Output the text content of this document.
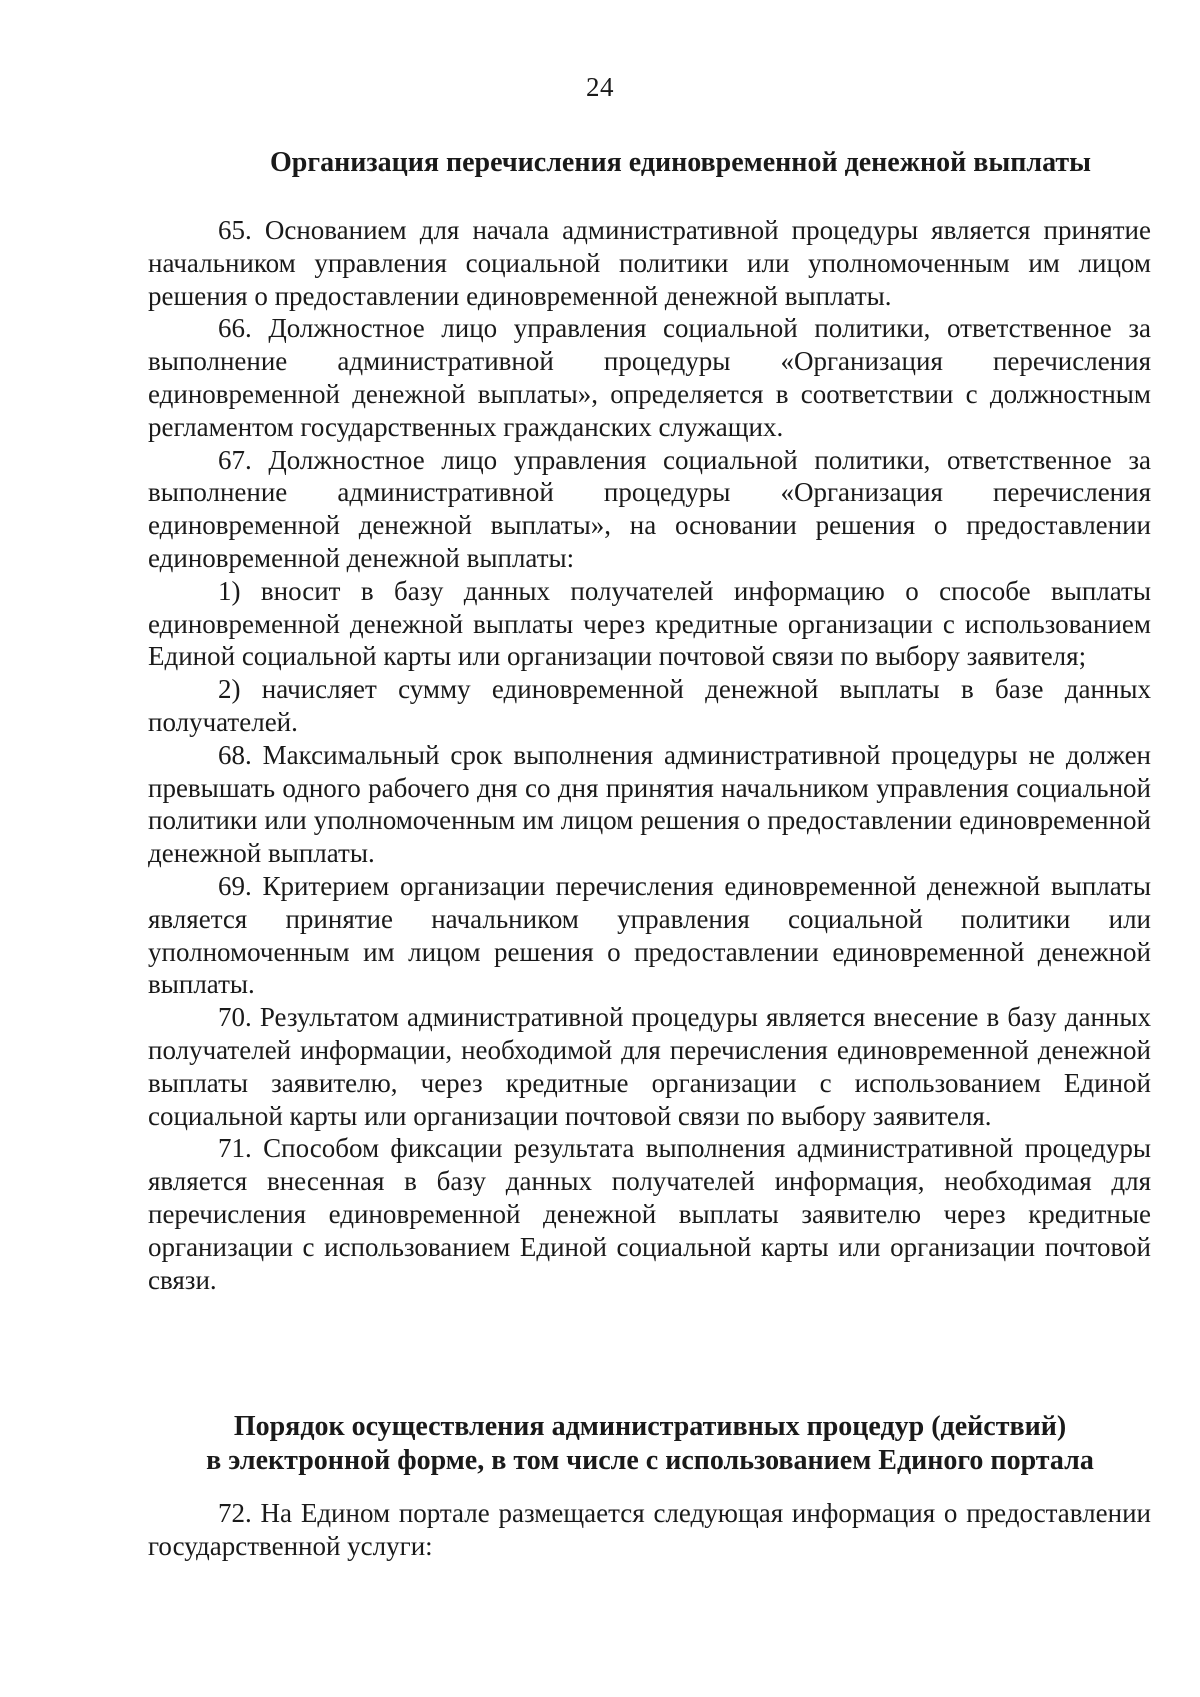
24
Организация перечисления единовременной денежной выплаты

65. Основанием для начала административной процедуры является принятие начальником управления социальной политики или уполномоченным им лицом решения о предоставлении единовременной денежной выплаты.

66. Должностное лицо управления социальной политики, ответственное за выполнение административной процедуры «Организация перечисления единовременной денежной выплаты», определяется в соответствии с должностным регламентом государственных гражданских служащих.

67. Должностное лицо управления социальной политики, ответственное за выполнение административной процедуры «Организация перечисления единовременной денежной выплаты», на основании решения о предоставлении единовременной денежной выплаты:

1) вносит в базу данных получателей информацию о способе выплаты единовременной денежной выплаты через кредитные организации с использованием Единой социальной карты или организации почтовой связи по выбору заявителя;

2) начисляет сумму единовременной денежной выплаты в базе данных получателей.

68. Максимальный срок выполнения административной процедуры не должен превышать одного рабочего дня со дня принятия начальником управления социальной политики или уполномоченным им лицом решения о предоставлении единовременной денежной выплаты.

69. Критерием организации перечисления единовременной денежной выплаты является принятие начальником управления социальной политики или уполномоченным им лицом решения о предоставлении единовременной денежной выплаты.

70. Результатом административной процедуры является внесение в базу данных получателей информации, необходимой для перечисления единовременной денежной выплаты заявителю, через кредитные организации с использованием Единой социальной карты или организации почтовой связи по выбору заявителя.

71. Способом фиксации результата выполнения административной процедуры является внесенная в базу данных получателей информация, необходимая для перечисления единовременной денежной выплаты заявителю через кредитные организации с использованием Единой социальной карты или организации почтовой связи.

Порядок осуществления административных процедур (действий)
в электронной форме, в том числе с использованием Единого портала

72. На Едином портале размещается следующая информация о предоставлении государственной услуги:
